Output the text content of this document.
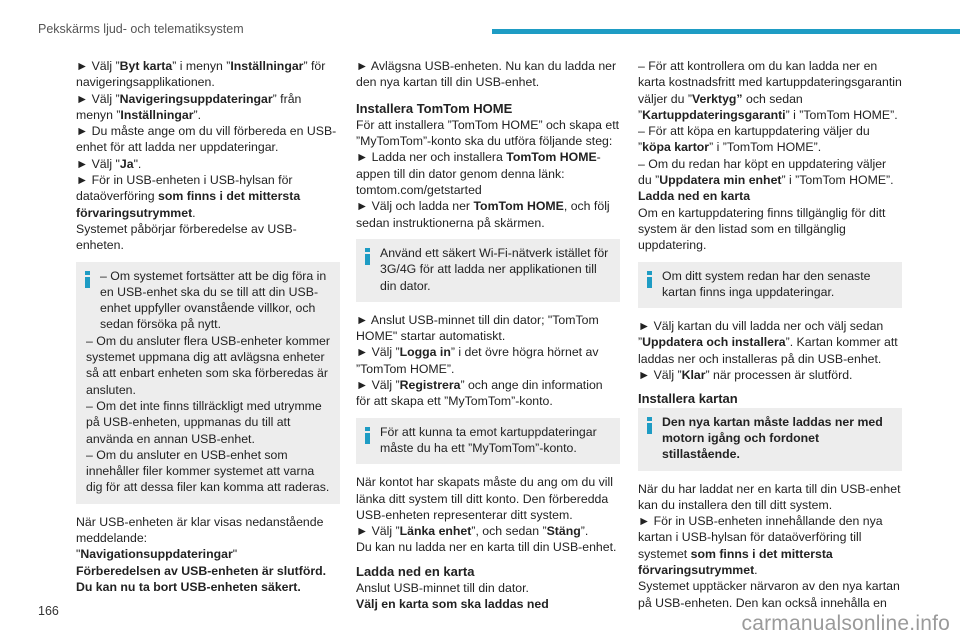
Pekskärms ljud- och telematiksystem

► Välj ”Byt karta” i menyn ”Inställningar” för navigeringsapplikationen.

► Välj ”Navigeringsuppdateringar” från menyn ”Inställningar”.

► Du måste ange om du vill förbereda en USB-enhet för att ladda ner uppdateringar.

► Välj "Ja".

► För in USB-enheten i USB-hylsan för dataöverföring som finns i det mittersta förvaringsutrymmet.

Systemet påbörjar förberedelse av USB-enheten.

– Om systemet fortsätter att be dig föra in en USB-enhet ska du se till att din USB-enhet uppfyller ovanstående villkor, och sedan försöka på nytt.

– Om du ansluter flera USB-enheter kommer systemet uppmana dig att avlägsna enheter så att enbart enheten som ska förberedas är ansluten.

– Om det inte finns tillräckligt med utrymme på USB-enheten, uppmanas du till att använda en annan USB-enhet.

– Om du ansluter en USB-enhet som innehåller filer kommer systemet att varna dig för att dessa filer kan komma att raderas.

När USB-enheten är klar visas nedanstående meddelande:

"Navigationsuppdateringar"

Förberedelsen av USB-enheten är slutförd. Du kan nu ta bort USB-enheten säkert.

► Avlägsna USB-enheten. Nu kan du ladda ner den nya kartan till din USB-enhet.

Installera TomTom HOME

För att installera ”TomTom HOME” och skapa ett ”MyTomTom”-konto ska du utföra följande steg:

► Ladda ner och installera TomTom HOME-appen till din dator genom denna länk:

tomtom.com/getstarted

► Välj och ladda ner TomTom HOME, och följ sedan instruktionerna på skärmen.

Använd ett säkert Wi-Fi-nätverk istället för 3G/4G för att ladda ner applikationen till din dator.

► Anslut USB-minnet till din dator; "TomTom HOME" startar automatiskt.

► Välj ”Logga in” i det övre högra hörnet av ”TomTom HOME”.

► Välj ”Registrera” och ange din information för att skapa ett ”MyTomTom”-konto.

För att kunna ta emot kartuppdateringar måste du ha ett ”MyTomTom”-konto.

När kontot har skapats måste du ang om du vill länka ditt system till ditt konto. Den förberedda USB-enheten representerar ditt system.

► Välj ”Länka enhet”, och sedan ”Stäng”.

Du kan nu ladda ner en karta till din USB-enhet.

Ladda ned en karta

Anslut USB-minnet till din dator.

Välj en karta som ska laddas ned

– För att kontrollera om du kan ladda ner en karta kostnadsfritt med kartuppdateringsgarantin väljer du ”Verktyg” och sedan ”Kartuppdateringsgaranti” i ”TomTom HOME”.

– För att köpa en kartuppdatering väljer du ”köpa kartor” i ”TomTom HOME”.

– Om du redan har köpt en uppdatering väljer du ”Uppdatera min enhet” i ”TomTom HOME”.

Ladda ned en karta

Om en kartuppdatering finns tillgänglig för ditt system är den listad som en tillgänglig uppdatering.

Om ditt system redan har den senaste kartan finns inga uppdateringar.

► Välj kartan du vill ladda ner och välj sedan ”Uppdatera och installera”. Kartan kommer att laddas ner och installeras på din USB-enhet.

► Välj ”Klar” när processen är slutförd.

Installera kartan

Den nya kartan måste laddas ner med motorn igång och fordonet stillastående.

När du har laddat ner en karta till din USB-enhet kan du installera den till ditt system.

► För in USB-enheten innehållande den nya kartan i USB-hylsan för dataöverföring till systemet som finns i det mittersta förvaringsutrymmet.

Systemet upptäcker närvaron av den nya kartan på USB-enheten. Den kan också innehålla en

166
carmanualsonline.info
